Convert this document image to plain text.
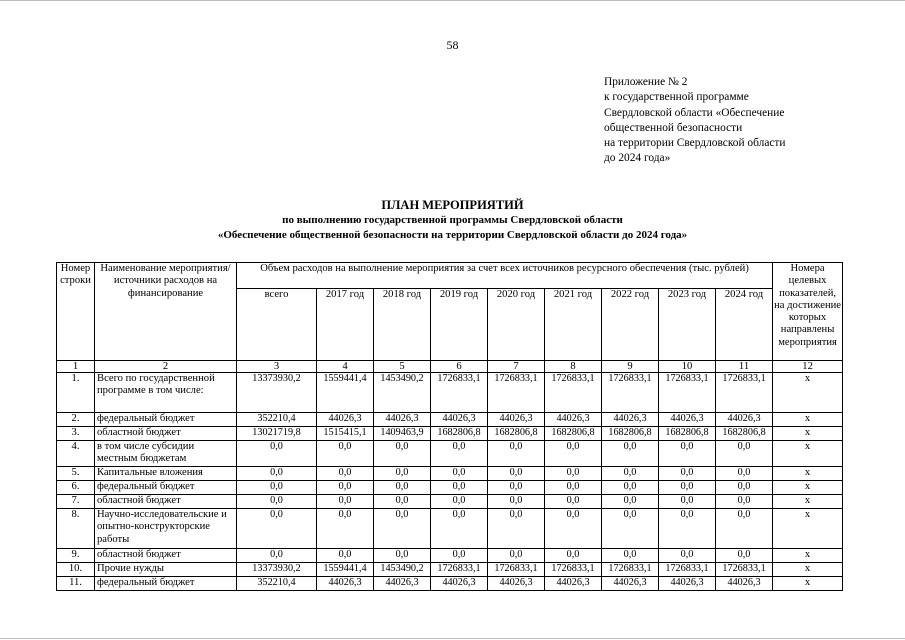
58
Приложение № 2
к государственной программе
Свердловской области «Обеспечение
общественной безопасности
на территории Свердловской области
до 2024 года»
ПЛАН МЕРОПРИЯТИЙ
по выполнению государственной программы Свердловской области
«Обеспечение общественной безопасности на территории Свердловской области до 2024 года»
Номер строки	Наименование мероприятия/ источники расходов на финансирование	Объем расходов на выполнение мероприятия за счет всех источников ресурсного обеспечения (тыс. рублей)									Номера целевых показателей, на достижение которых направлены мероприятия
		всего	2017 год	2018 год	2019 год	2020 год	2021 год	2022 год	2023 год	2024 год	
1	2	3	4	5	6	7	8	9	10	11	12
1.	Всего по государственной программе в том числе:	13373930,2	1559441,4	1453490,2	1726833,1	1726833,1	1726833,1	1726833,1	1726833,1	1726833,1	х
2.	федеральный бюджет	352210,4	44026,3	44026,3	44026,3	44026,3	44026,3	44026,3	44026,3	44026,3	х
3.	областной бюджет	13021719,8	1515415,1	1409463,9	1682806,8	1682806,8	1682806,8	1682806,8	1682806,8	1682806,8	х
4.	в том числе субсидии местным бюджетам	0,0	0,0	0,0	0,0	0,0	0,0	0,0	0,0	0,0	х
5.	Капитальные вложения	0,0	0,0	0,0	0,0	0,0	0,0	0,0	0,0	0,0	х
6.	федеральный бюджет	0,0	0,0	0,0	0,0	0,0	0,0	0,0	0,0	0,0	х
7.	областной бюджет	0,0	0,0	0,0	0,0	0,0	0,0	0,0	0,0	0,0	х
8.	Научно-исследовательские и опытно-конструкторские работы	0,0	0,0	0,0	0,0	0,0	0,0	0,0	0,0	0,0	х
9.	областной бюджет	0,0	0,0	0,0	0,0	0,0	0,0	0,0	0,0	0,0	х
10.	Прочие нужды	13373930,2	1559441,4	1453490,2	1726833,1	1726833,1	1726833,1	1726833,1	1726833,1	1726833,1	х
11.	федеральный бюджет	352210,4	44026,3	44026,3	44026,3	44026,3	44026,3	44026,3	44026,3	44026,3	х
